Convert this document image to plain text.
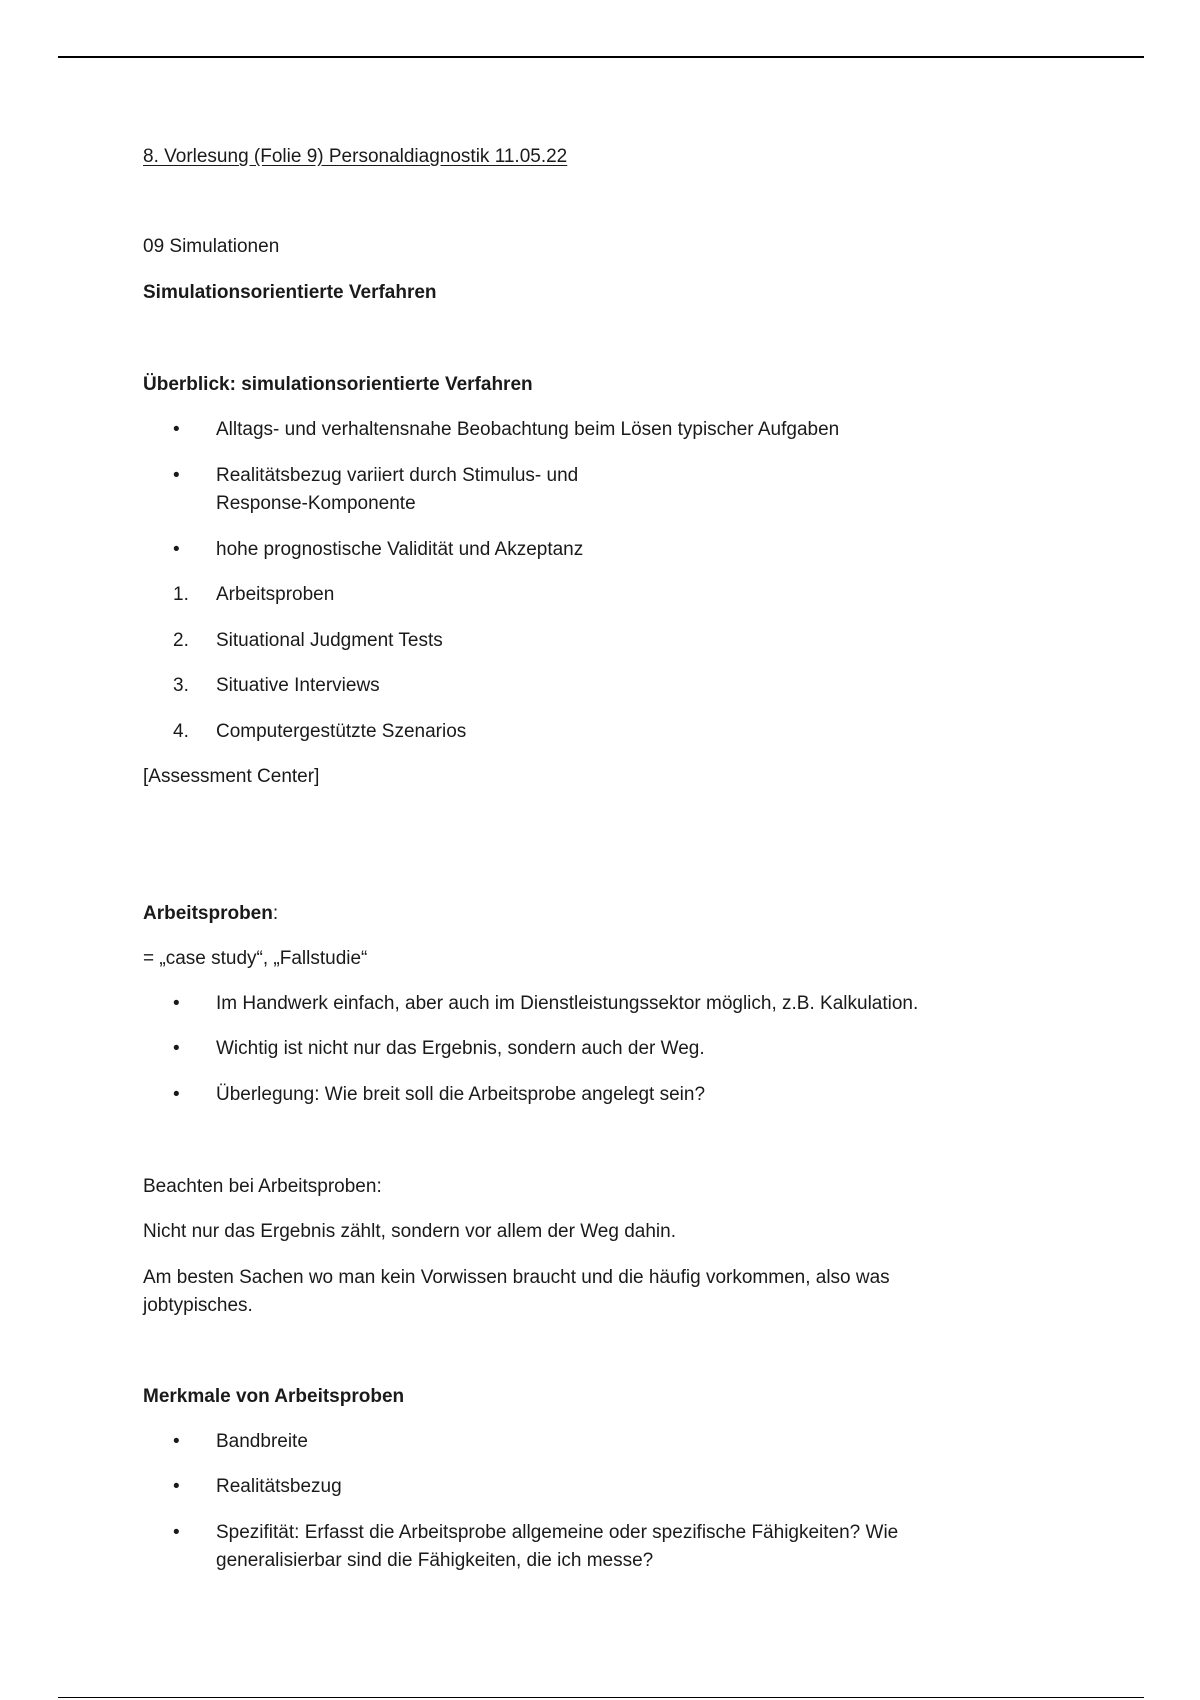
8. Vorlesung (Folie 9) Personaldiagnostik 11.05.22
09 Simulationen
Simulationsorientierte Verfahren
Überblick: simulationsorientierte Verfahren
•	Alltags- und verhaltensnahe Beobachtung beim Lösen typischer Aufgaben
•	Realitätsbezug variiert durch Stimulus- und
Response-Komponente
•	hohe prognostische Validität und Akzeptanz
1.	Arbeitsproben
2.	Situational Judgment Tests
3.	Situative Interviews
4.	Computergestützte Szenarios
[Assessment Center]
Arbeitsproben:
= „case study“, „Fallstudie“
•	Im Handwerk einfach, aber auch im Dienstleistungssektor möglich, z.B. Kalkulation.
•	Wichtig ist nicht nur das Ergebnis, sondern auch der Weg.
•	Überlegung: Wie breit soll die Arbeitsprobe angelegt sein?
Beachten bei Arbeitsproben:
Nicht nur das Ergebnis zählt, sondern vor allem der Weg dahin.
Am besten Sachen wo man kein Vorwissen braucht und die häufig vorkommen, also was
jobtypisches.
Merkmale von Arbeitsproben
•	Bandbreite
•	Realitätsbezug
•	Spezifität: Erfasst die Arbeitsprobe allgemeine oder spezifische Fähigkeiten? Wie
generalisierbar sind die Fähigkeiten, die ich messe?
